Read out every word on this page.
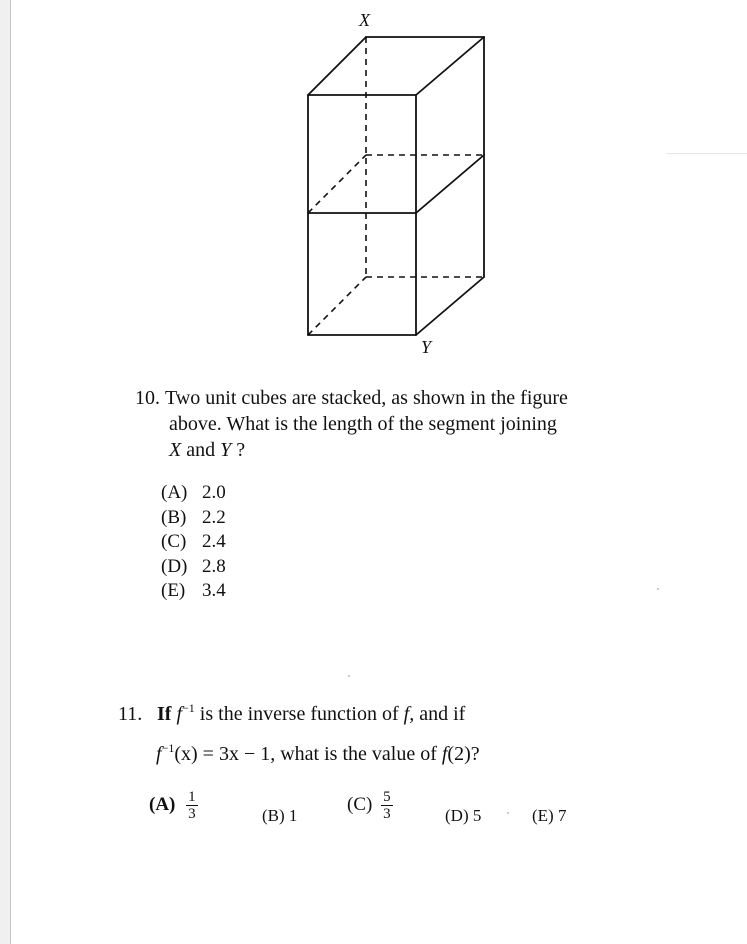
X
Y
10. Two unit cubes are stacked, as shown in the figure
above. What is the length of the segment joining
X and Y ?
(A) 2.0
(B) 2.2
(C) 2.4
(D) 2.8
(E) 3.4
11. If $f^{-1}$ is the inverse function of f, and if
$f^{-1}(x) = 3x - 1$, what is the value of f(2)?
$(A) \frac{1}{3}$	(B) 1
$(C) \frac{5}{3}$	(D) 5	(E) 7
